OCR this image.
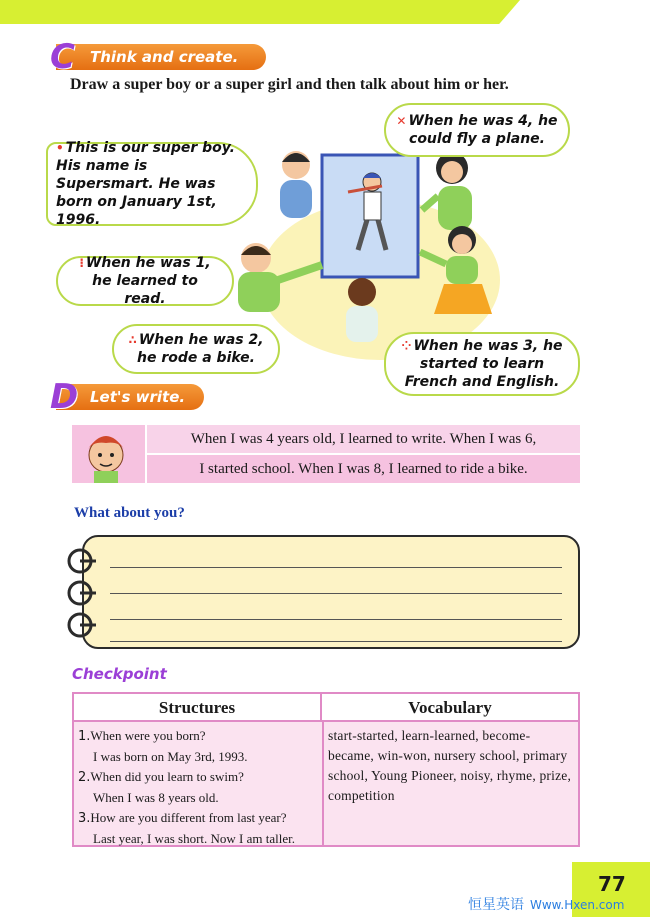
C	Think and create.
Draw a super boy or a super girl and then talk about him or her.
• This is our super boy. His name is Supersmart. He was born on January 1st, 1996.
✕ When he was 4, he could fly a plane.
⁝ When he was 1, he learned to read.
∴ When he was 2, he rode a bike.
⁘ When he was 3, he started to learn French and English.
D Let's write.
When I was 4 years old, I learned to write. When I was 6,
I started school. When I was 8, I learned to ride a bike.
What about you?
Checkpoint
Structures	Vocabulary
1.When were you born?
I was born on May 3rd, 1993.
2.When did you learn to swim?
When I was 8 years old.
3.How are you different from last year?
Last year, I was short. Now I am taller.
start-started, learn-learned, become-became, win-won, nursery school, primary school, Young Pioneer, noisy, rhyme, prize, competition
77
恒星英语 Www.Hxen.com
